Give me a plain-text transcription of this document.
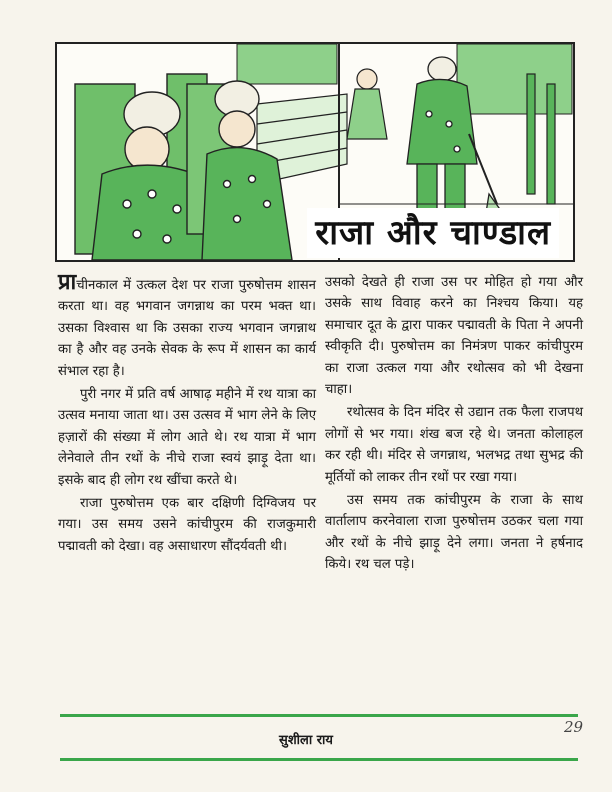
राजा और चाण्डाल

प्राचीनकाल में उत्कल देश पर राजा पुरुषोत्तम शासन करता था। वह भगवान जगन्नाथ का परम भक्त था। उसका विश्वास था कि उसका राज्य भगवान जगन्नाथ का है और वह उनके सेवक के रूप में शासन का कार्य संभाल रहा है।

पुरी नगर में प्रति वर्ष आषाढ़ महीने में रथ यात्रा का उत्सव मनाया जाता था। उस उत्सव में भाग लेने के लिए हज़ारों की संख्या में लोग आते थे। रथ यात्रा में भाग लेनेवाले तीन रथों के नीचे राजा स्वयं झाड़ू देता था। इसके बाद ही लोग रथ खींचा करते थे।

राजा पुरुषोत्तम एक बार दक्षिणी दिग्विजय पर गया। उस समय उसने कांचीपुरम की राजकुमारी पद्मावती को देखा। वह असाधारण सौंदर्यवती थी।

उसको देखते ही राजा उस पर मोहित हो गया और उसके साथ विवाह करने का निश्चय किया। यह समाचार दूत के द्वारा पाकर पद्मावती के पिता ने अपनी स्वीकृति दी। पुरुषोत्तम का निमंत्रण पाकर कांचीपुरम का राजा उत्कल गया और रथोत्सव को भी देखना चाहा।

रथोत्सव के दिन मंदिर से उद्यान तक फैला राजपथ लोगों से भर गया। शंख बज रहे थे। जनता कोलाहल कर रही थी। मंदिर से जगन्नाथ, भलभद्र तथा सुभद्र की मूर्तियों को लाकर तीन रथों पर रखा गया।

उस समय तक कांचीपुरम के राजा के साथ वार्तालाप करनेवाला राजा पुरुषोत्तम उठकर चला गया और रथों के नीचे झाड़ू देने लगा। जनता ने हर्षनाद किये। रथ चल पड़े।

सुशीला राय
29
